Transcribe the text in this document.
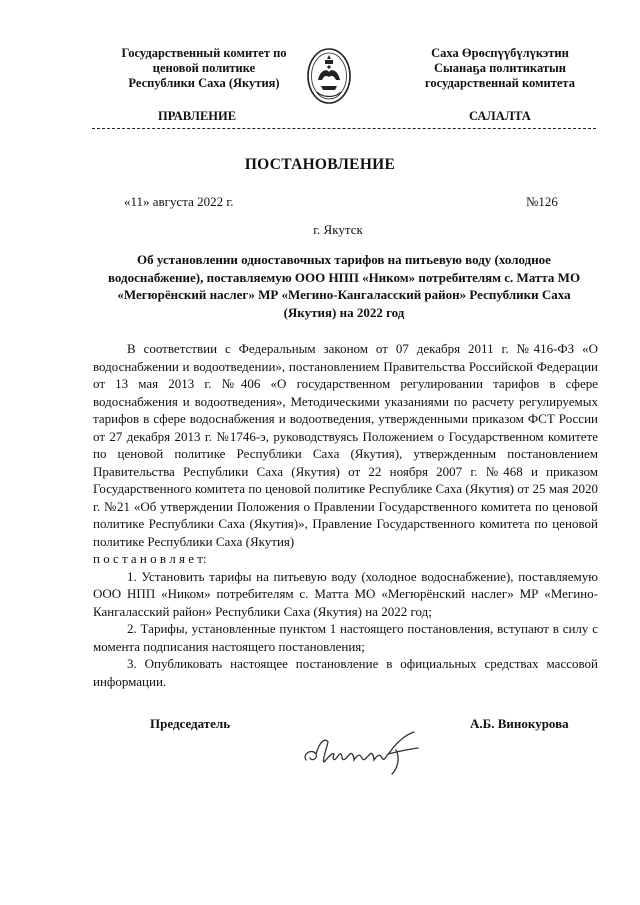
Государственный комитет по
ценовой политике
Республики Саха (Якутия)
Саха Өрөспүүбүлүкэтин
Сыанаҕа политикатын
государственнай комитета
ПРАВЛЕНИЕ	САЛАЛТА
ПОСТАНОВЛЕНИЕ
«11» августа 2022 г.	№126
г. Якутск
Об установлении одноставочных тарифов на питьевую воду (холодное водоснабжение), поставляемую ООО НПП «Ником» потребителям с. Матта МО «Мегюрёнский наслег» МР «Мегино-Кангаласский район» Республики Саха (Якутия) на 2022 год

В соответствии с Федеральным законом от 07 декабря 2011 г. №416-ФЗ «О водоснабжении и водоотведении», постановлением Правительства Российской Федерации от 13 мая 2013 г. №406 «О государственном регулировании тарифов в сфере водоснабжения и водоотведения», Методическими указаниями по расчету регулируемых тарифов в сфере водоснабжения и водоотведения, утвержденными приказом ФСТ России от 27 декабря 2013 г. №1746-э, руководствуясь Положением о Государственном комитете по ценовой политике Республики Саха (Якутия), утвержденным постановлением Правительства Республики Саха (Якутия) от 22 ноября 2007 г. №468 и приказом Государственного комитета по ценовой политике Республике Саха (Якутия) от 25 мая 2020 г. №21 «Об утверждении Положения о Правлении Государственного комитета по ценовой политике Республики Саха (Якутия)», Правление Государственного комитета по ценовой политике Республики Саха (Якутия)

п о с т а н о в л я е т:

1. Установить тарифы на питьевую воду (холодное водоснабжение), поставляемую ООО НПП «Ником» потребителям с. Матта МО «Мегюрёнский наслег» МР «Мегино-Кангаласский район» Республики Саха (Якутия) на 2022 год;

2. Тарифы, установленные пунктом 1 настоящего постановления, вступают в силу с момента подписания настоящего постановления;

3. Опубликовать настоящее постановление в официальных средствах массовой информации.

Председатель	А.Б. Винокурова
